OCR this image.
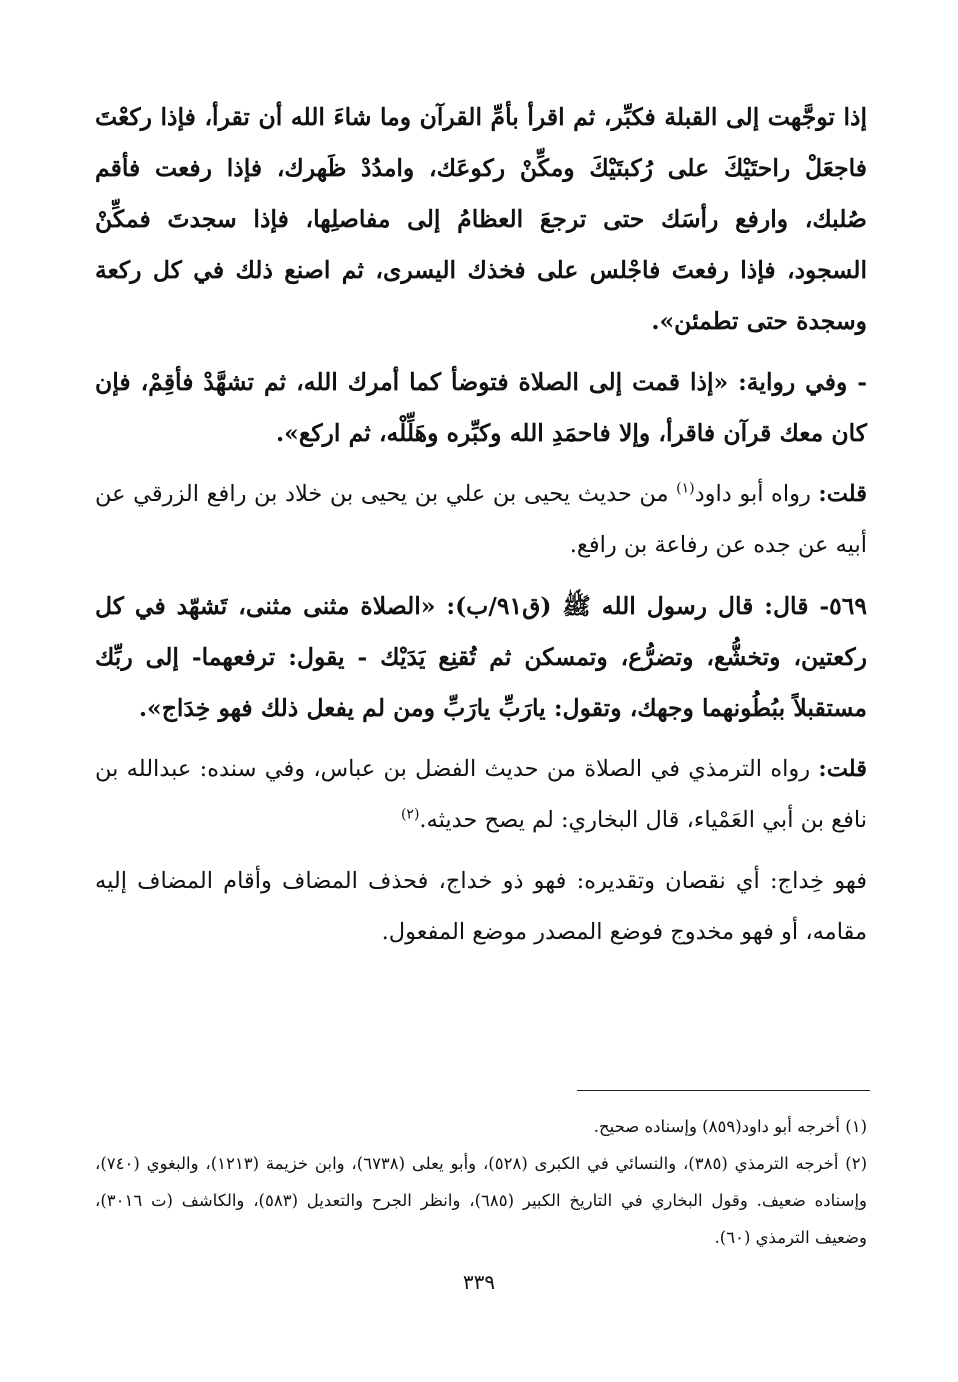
إذا توجَّهت إلى القبلة فكبِّر، ثم اقرأ بأمِّ القرآن وما شاءَ الله أن تقرأ، فإذا ركعْتَ فاجعَلْ راحتَيْكَ على رُكبتَيْكَ ومكِّنْ ركوعَك، وامدُدْ ظَهرك، فإذا رفعت فأقم صُلبك، وارفع رأسَك حتى ترجعَ العظامُ إلى مفاصلِها، فإذا سجدتَ فمكِّنْ السجود، فإذا رفعتَ فاجْلس على فخذك اليسرى، ثم اصنع ذلك في كل ركعة وسجدة حتى تطمئن».

- وفي رواية: «إذا قمت إلى الصلاة فتوضأ كما أمرك الله، ثم تشهَّدْ فأقِمْ، فإن كان معك قرآن فاقرأ، وإلا فاحمَدِ الله وكبِّره وهَلِّلْه، ثم اركع».

قلت: رواه أبو داود$^{(١)}$ من حديث يحيى بن علي بن يحيى بن خلاد بن رافع الزرقي عن أبيه عن جده عن رفاعة بن رافع.

٥٦٩- قال: قال رسول الله ﷺ (ق٩١/ب): «الصلاة مثنى مثنى، تَشهّد في كل ركعتين، وتخشُّع، وتضرُّع، وتمسكن ثم تُقنِع يَدَيْك - يقول: ترفعهما- إلى ربِّك مستقبلاً ببُطُونهما وجهك، وتقول: يارَبِّ يارَبِّ ومن لم يفعل ذلك فهو خِدَاج».

قلت: رواه الترمذي في الصلاة من حديث الفضل بن عباس، وفي سنده: عبدالله بن نافع بن أبي العَمْياء، قال البخاري: لم يصح حديثه.$^{(٢)}$

فهو خِداج: أي نقصان وتقديره: فهو ذو خداج، فحذف المضاف وأقام المضاف إليه مقامه، أو فهو مخدوج فوضع المصدر موضع المفعول.

(١) أخرجه أبو داود(٨٥٩) وإسناده صحيح.

(٢) أخرجه الترمذي (٣٨٥)، والنسائي في الكبرى (٥٢٨)، وأبو يعلى (٦٧٣٨)، وابن خزيمة (١٢١٣)، والبغوي (٧٤٠)، وإسناده ضعيف. وقول البخاري في التاريخ الكبير (٦٨٥)، وانظر الجرح والتعديل (٥٨٣)، والكاشف (ت ٣٠١٦)، وضعيف الترمذي (٦٠).

٣٣٩
